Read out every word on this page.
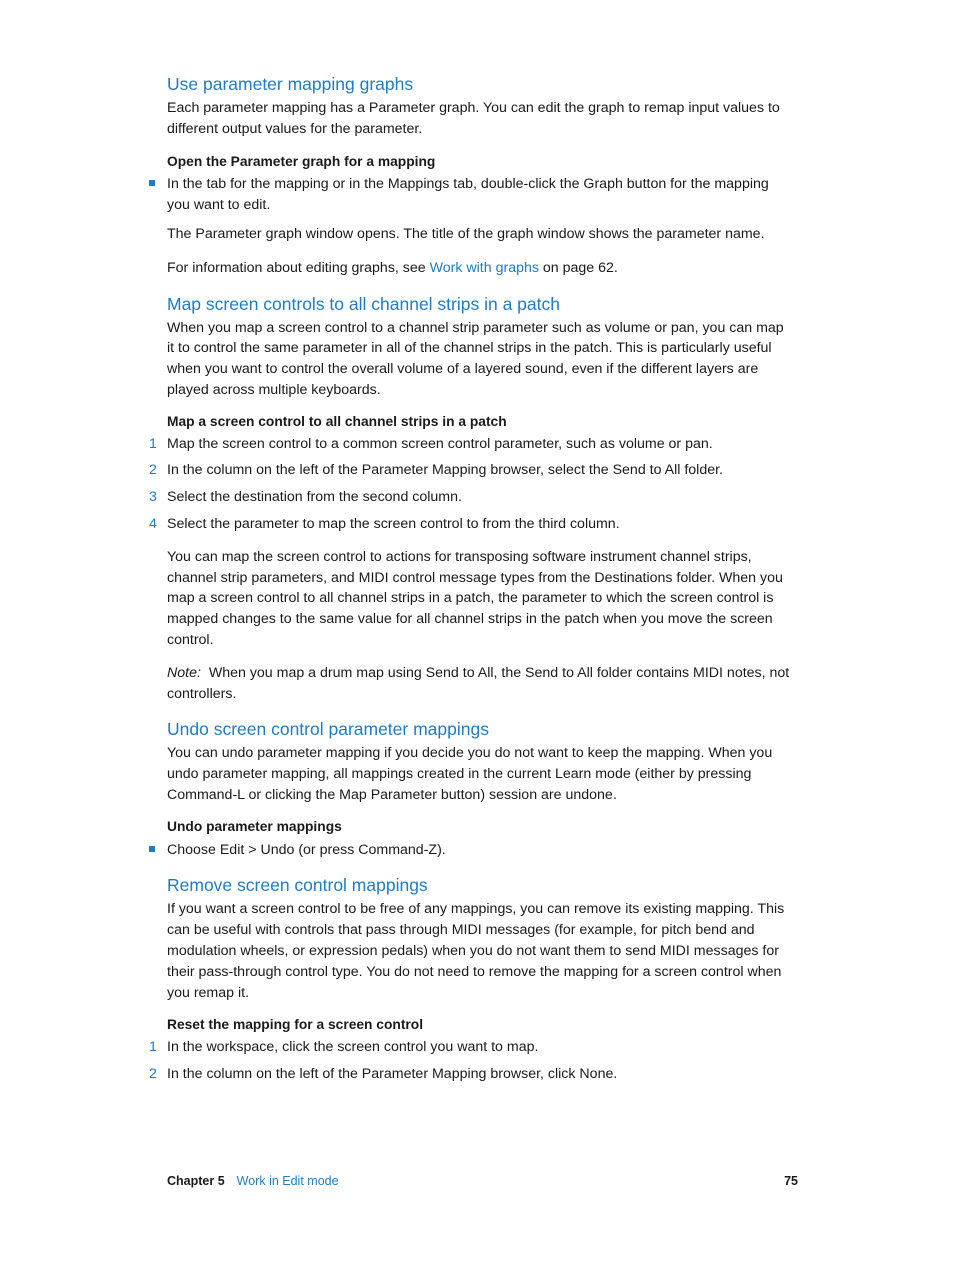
Use parameter mapping graphs

Each parameter mapping has a Parameter graph. You can edit the graph to remap input values to different output values for the parameter.

Open the Parameter graph for a mapping

In the tab for the mapping or in the Mappings tab, double-click the Graph button for the mapping you want to edit.

The Parameter graph window opens. The title of the graph window shows the parameter name.

For information about editing graphs, see Work with graphs on page 62.

Map screen controls to all channel strips in a patch

When you map a screen control to a channel strip parameter such as volume or pan, you can map it to control the same parameter in all of the channel strips in the patch. This is particularly useful when you want to control the overall volume of a layered sound, even if the different layers are played across multiple keyboards.

Map a screen control to all channel strips in a patch

1 Map the screen control to a common screen control parameter, such as volume or pan.
2 In the column on the left of the Parameter Mapping browser, select the Send to All folder.
3 Select the destination from the second column.
4 Select the parameter to map the screen control to from the third column.

You can map the screen control to actions for transposing software instrument channel strips, channel strip parameters, and MIDI control message types from the Destinations folder. When you map a screen control to all channel strips in a patch, the parameter to which the screen control is mapped changes to the same value for all channel strips in the patch when you move the screen control.

Note: When you map a drum map using Send to All, the Send to All folder contains MIDI notes, not controllers.

Undo screen control parameter mappings

You can undo parameter mapping if you decide you do not want to keep the mapping. When you undo parameter mapping, all mappings created in the current Learn mode (either by pressing Command-L or clicking the Map Parameter button) session are undone.

Undo parameter mappings

Choose Edit > Undo (or press Command-Z).
Remove screen control mappings

If you want a screen control to be free of any mappings, you can remove its existing mapping. This can be useful with controls that pass through MIDI messages (for example, for pitch bend and modulation wheels, or expression pedals) when you do not want them to send MIDI messages for their pass-through control type. You do not need to remove the mapping for a screen control when you remap it.

Reset the mapping for a screen control

1 In the workspace, click the screen control you want to map.
2 In the column on the left of the Parameter Mapping browser, click None.
Chapter 5 Work in Edit mode	75
